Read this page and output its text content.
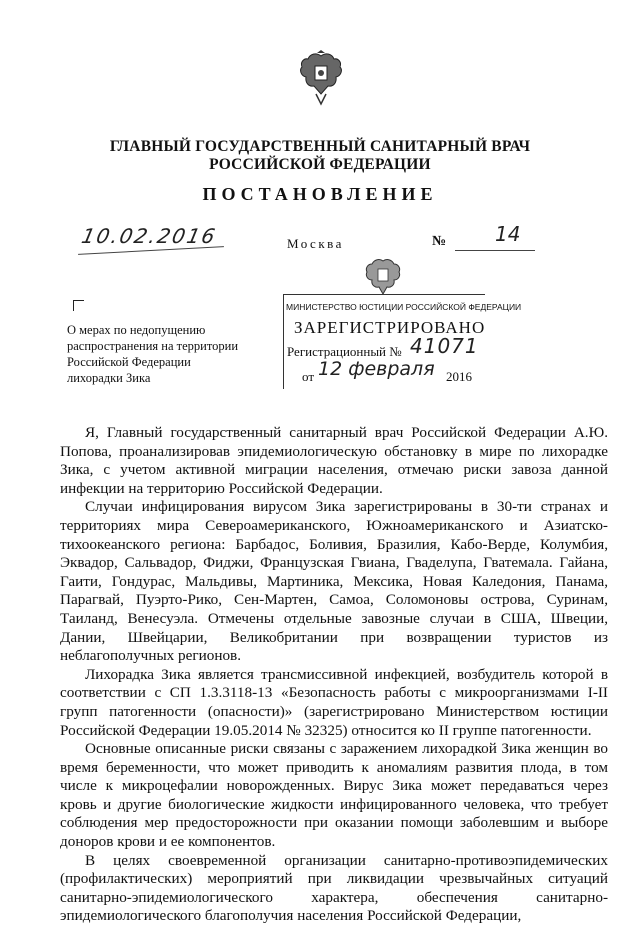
ГЛАВНЫЙ ГОСУДАРСТВЕННЫЙ САНИТАРНЫЙ ВРАЧ
РОССИЙСКОЙ ФЕДЕРАЦИИ
ПОСТАНОВЛЕНИЕ
10.02.2016	Москва	№ 14
О мерах по недопущению распространения на территории Российской Федерации лихорадки Зика
МИНИСТЕРСТВО ЮСТИЦИИ РОССИЙСКОЙ ФЕДЕРАЦИИ
ЗАРЕГИСТРИРОВАНО
Регистрационный № 41071
от 12 февраля 2016

Я, Главный государственный санитарный врач Российской Федерации А.Ю. Попова, проанализировав эпидемиологическую обстановку в мире по лихорадке Зика, с учетом активной миграции населения, отмечаю риски завоза данной инфекции на территорию Российской Федерации.

Случаи инфицирования вирусом Зика зарегистрированы в 30-ти странах и территориях мира Североамериканского, Южноамериканского и Азиатско-тихоокеанского региона: Барбадос, Боливия, Бразилия, Кабо-Верде, Колумбия, Эквадор, Сальвадор, Фиджи, Французская Гвиана, Гваделупа, Гватемала. Гайана, Гаити, Гондурас, Мальдивы, Мартиника, Мексика, Новая Каледония, Панама, Парагвай, Пуэрто-Рико, Сен-Мартен, Самоа, Соломоновы острова, Суринам, Таиланд, Венесуэла. Отмечены отдельные завозные случаи в США, Швеции, Дании, Швейцарии, Великобритании при возвращении туристов из неблагополучных регионов.

Лихорадка Зика является трансмиссивной инфекцией, возбудитель которой в соответствии с СП 1.3.3118-13 «Безопасность работы с микроорганизмами I-II групп патогенности (опасности)» (зарегистрировано Министерством юстиции Российской Федерации 19.05.2014 № 32325) относится ко II группе патогенности.

Основные описанные риски связаны с заражением лихорадкой Зика женщин во время беременности, что может приводить к аномалиям развития плода, в том числе к микроцефалии новорожденных. Вирус Зика может передаваться через кровь и другие биологические жидкости инфицированного человека, что требует соблюдения мер предосторожности при оказании помощи заболевшим и выборе доноров крови и ее компонентов.

В целях своевременной организации санитарно-противоэпидемических (профилактических) мероприятий при ликвидации чрезвычайных ситуаций санитарно-эпидемиологического характера, обеспечения санитарно-эпидемиологического благополучия населения Российской Федерации,
